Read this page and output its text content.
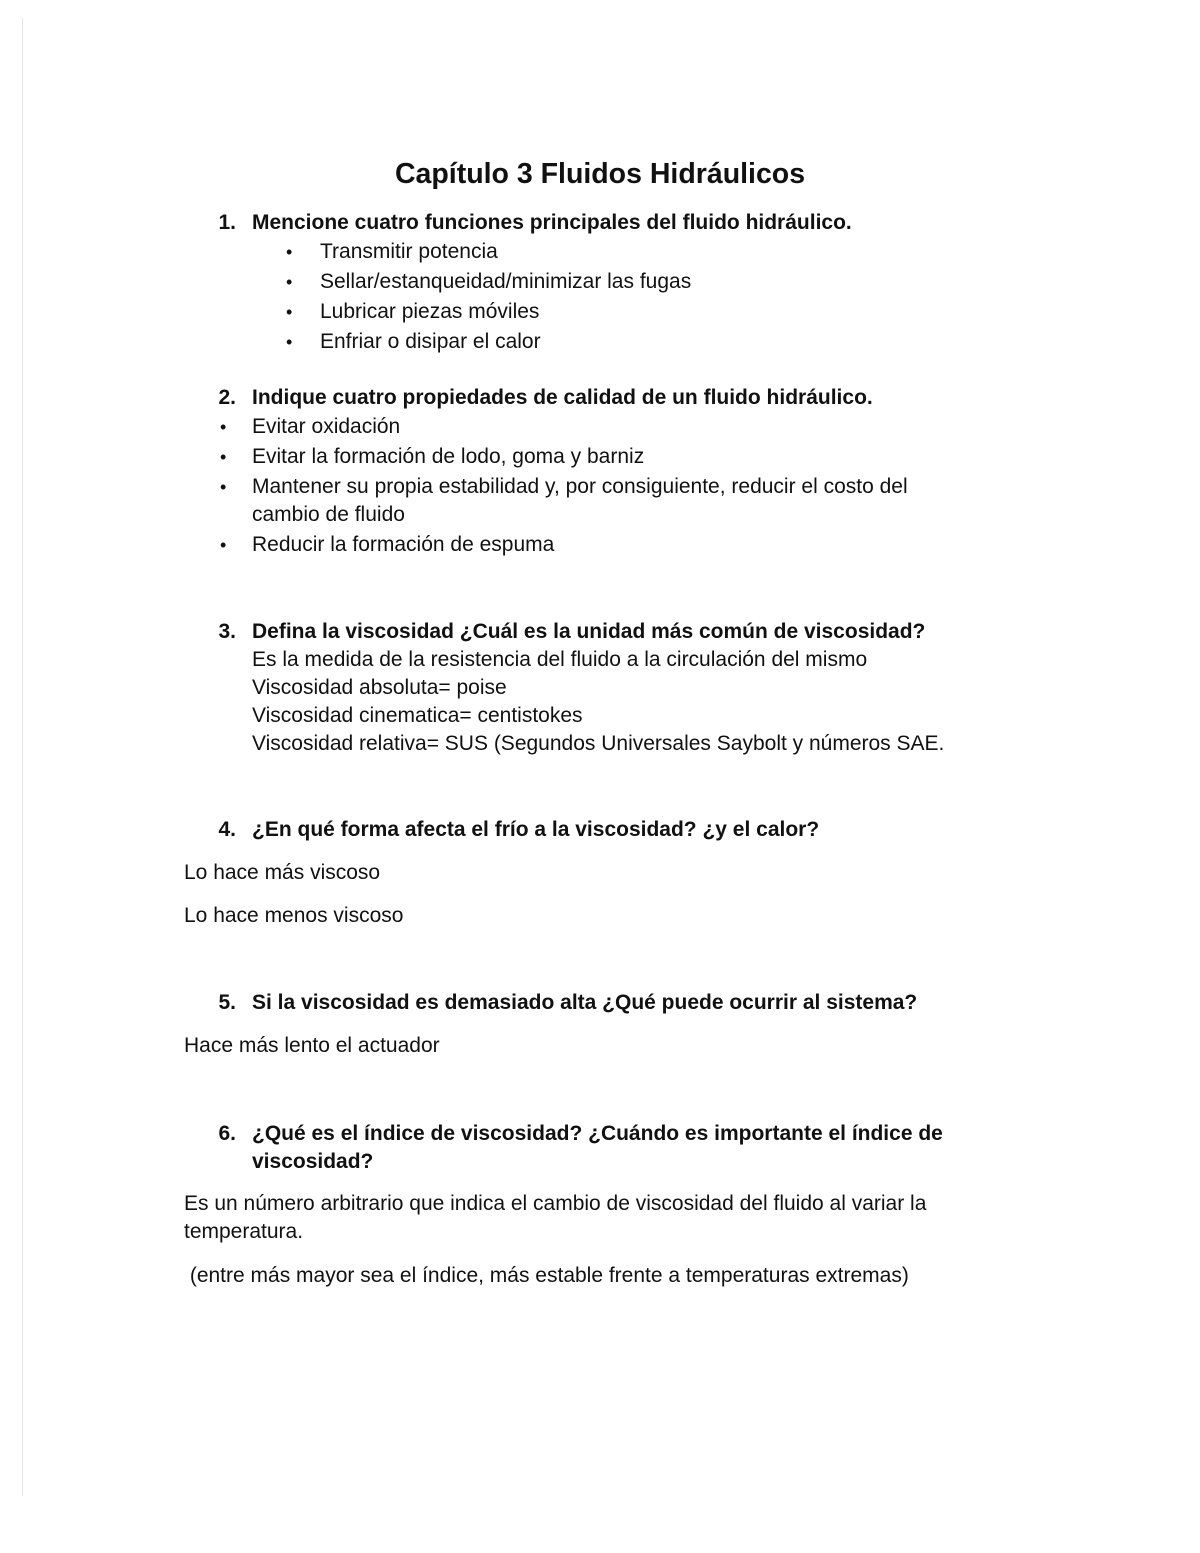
Capítulo 3 Fluidos Hidráulicos
1. Mencione cuatro funciones principales del fluido hidráulico.
• Transmitir potencia
• Sellar/estanqueidad/minimizar las fugas
• Lubricar piezas móviles
• Enfriar o disipar el calor
2. Indique cuatro propiedades de calidad de un fluido hidráulico.
• Evitar oxidación
• Evitar la formación de lodo, goma y barniz
• Mantener su propia estabilidad y, por consiguiente, reducir el costo del
cambio de fluido
• Reducir la formación de espuma
3. Defina la viscosidad ¿Cuál es la unidad más común de viscosidad?
Es la medida de la resistencia del fluido a la circulación del mismo
Viscosidad absoluta= poise
Viscosidad cinematica= centistokes
Viscosidad relativa= SUS (Segundos Universales Saybolt y números SAE.
4. ¿En qué forma afecta el frío a la viscosidad? ¿y el calor?
Lo hace más viscoso
Lo hace menos viscoso
5. Si la viscosidad es demasiado alta ¿Qué puede ocurrir al sistema?
Hace más lento el actuador
6. ¿Qué es el índice de viscosidad? ¿Cuándo es importante el índice de
viscosidad?
Es un número arbitrario que indica el cambio de viscosidad del fluido al variar la
temperatura.
(entre más mayor sea el índice, más estable frente a temperaturas extremas)
